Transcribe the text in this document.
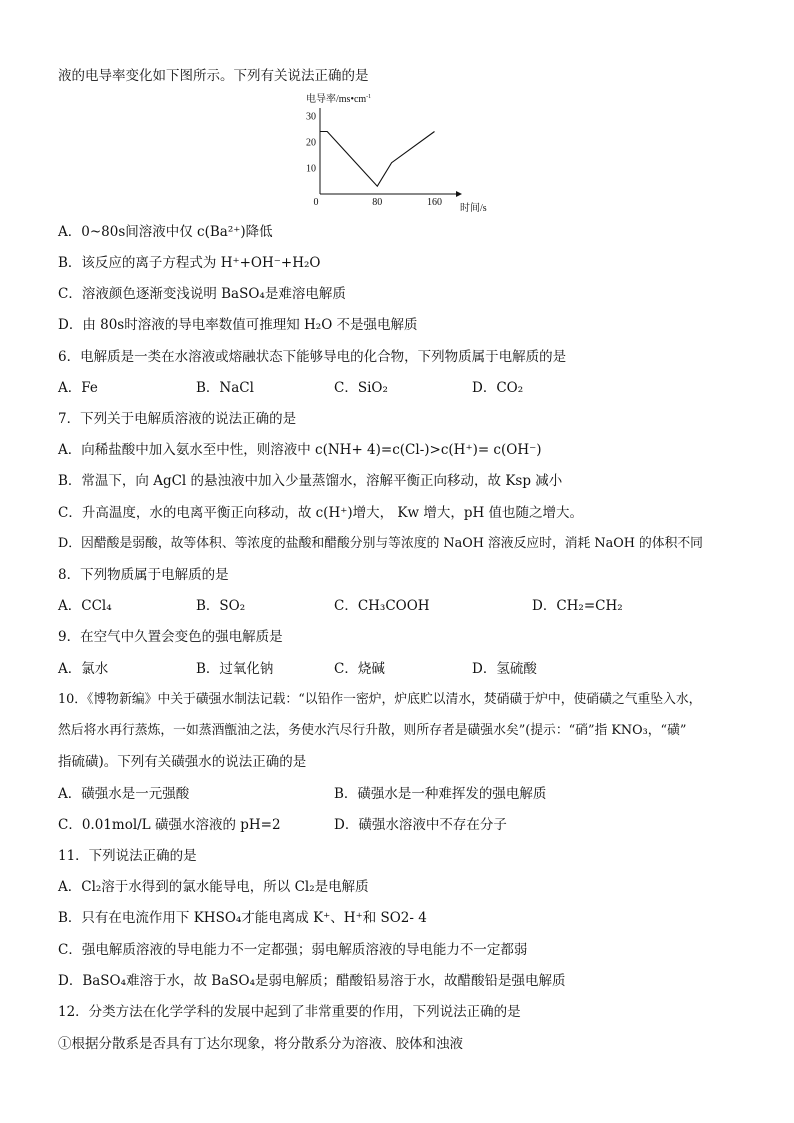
液的电导率变化如下图所示。下列有关说法正确的是
电导率$/ms•cm^{-1}$
10
20
30
0	80	160
时间/s
A．0~80s间溶液中仅 c(Ba²⁺)降低
B．该反应的离子方程式为 H⁺+OH⁻+H₂O
C．溶液颜色逐渐变浅说明 BaSO₄是难溶电解质
D．由 80s时溶液的导电率数值可推理知 H₂O 不是强电解质
6．电解质是一类在水溶液或熔融状态下能够导电的化合物，下列物质属于电解质的是
A．Fe	B．NaCl	C．SiO₂	D．CO₂
7．下列关于电解质溶液的说法正确的是
A．向稀盐酸中加入氨水至中性，则溶液中 c(NH+ 4)=c(Cl-)>c(H⁺)= c(OH⁻)
B．常温下，向 AgCl 的悬浊液中加入少量蒸馏水，溶解平衡正向移动，故 Ksp 减小
C．升高温度，水的电离平衡正向移动，故 c(H⁺)增大， Kw 增大，pH 值也随之增大。
D．因醋酸是弱酸，故等体积、等浓度的盐酸和醋酸分别与等浓度的 NaOH 溶液反应时，消耗 NaOH 的体积不同
8．下列物质属于电解质的是
A．CCl₄	B．SO₂	C．CH₃COOH	D．CH₂=CH₂
9．在空气中久置会变色的强电解质是
A．氯水	B．过氧化钠	C．烧碱	D．氢硫酸
10．《博物新编》中关于磺强水制法记载：“以铅作一密炉，炉底贮以清水，焚硝磺于炉中，使硝磺之气重坠入水，
然后将水再行蒸炼，一如蒸酒甑油之法，务使水汽尽行升散，则所存者是磺强水矣”(提示：“硝”指 KNO₃，“磺”
指硫磺)。下列有关磺强水的说法正确的是
A．磺强水是一元强酸	B．磺强水是一种难挥发的强电解质
C．0.01mol/L 磺强水溶液的 pH=2	D．磺强水溶液中不存在分子
11．下列说法正确的是
A．Cl₂溶于水得到的氯水能导电，所以 Cl₂是电解质
B．只有在电流作用下 KHSO₄才能电离成 K⁺、H⁺和 SO2- 4
C．强电解质溶液的导电能力不一定都强；弱电解质溶液的导电能力不一定都弱
D．BaSO₄难溶于水，故 BaSO₄是弱电解质；醋酸铅易溶于水，故醋酸铅是强电解质
12．分类方法在化学学科的发展中起到了非常重要的作用，下列说法正确的是
①根据分散系是否具有丁达尔现象，将分散系分为溶液、胶体和浊液
